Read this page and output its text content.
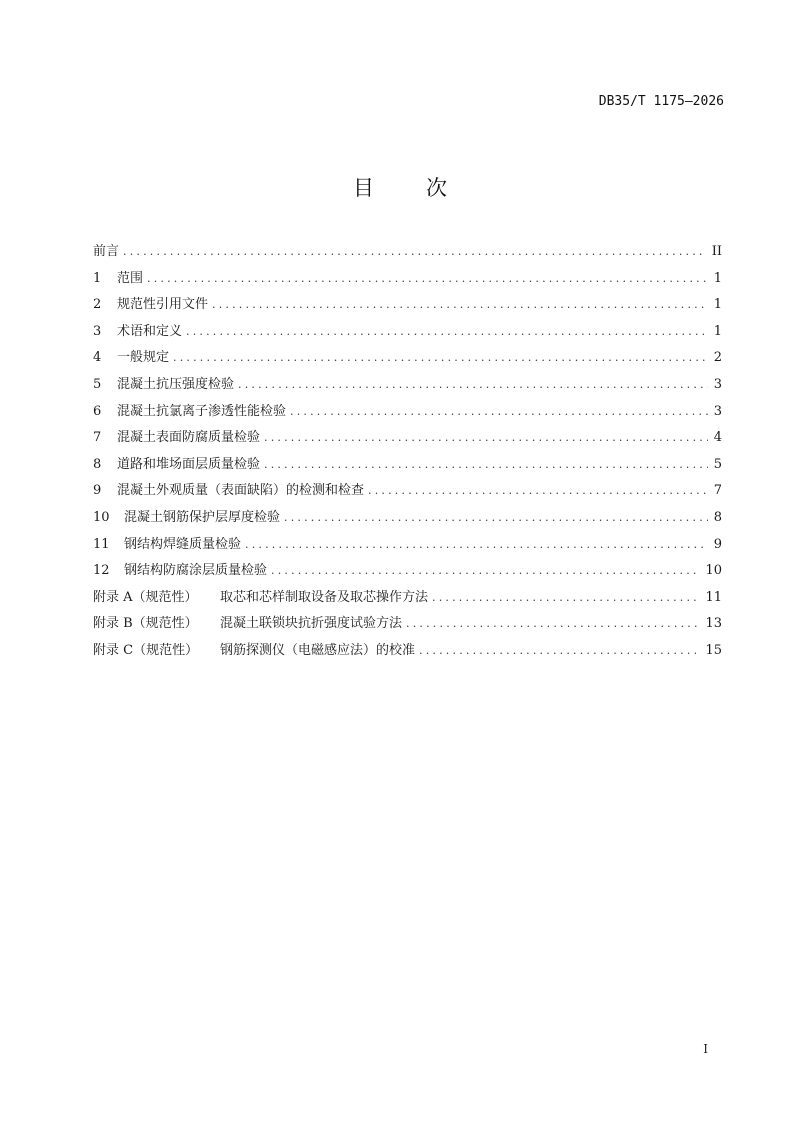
DB35/T 1175—2026
目 次
前言 .....	II
1	范围 .....	1
2	规范性引用文件 .....	1
3	术语和定义 .....	1
4	一般规定 .....	2
5	混凝土抗压强度检验 .....	3
6	混凝土抗氯离子渗透性能检验 .....	3
7	混凝土表面防腐质量检验 .....	4
8	道路和堆场面层质量检验 .....	5
9	混凝土外观质量（表面缺陷）的检测和检查 .....	7
10	混凝土钢筋保护层厚度检验 .....	8
11	钢结构焊缝质量检验 .....	9
12	钢结构防腐涂层质量检验 .....	10
附录 A（规范性）	取芯和芯样制取设备及取芯操作方法 .....	11
附录 B（规范性）	混凝土联锁块抗折强度试验方法 .....	13
附录 C（规范性）	钢筋探测仪（电磁感应法）的校准 .....	15
I
